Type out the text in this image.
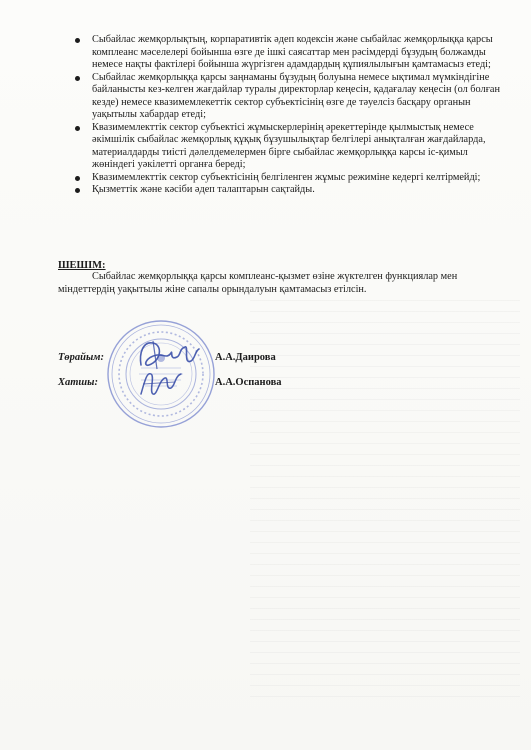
Сыбайлас жемқорлықтың, корпаративтік әдеп кодексін және сыбайлас жемқорлыққа қарсы комплеанс мәселелері бойынша өзге де ішкі саясаттар мен рәсімдерді бұзудың болжамды немесе нақты фактілері бойынша жүргізген адамдардың құпиялылығын қамтамасыз етеді;
Сыбайлас жемқорлыққа қарсы заңнаманы бұзудың болуына немесе ықтимал мүмкіндігіне байланысты кез-келген жағдайлар туралы директорлар кеңесін, қадағалау кеңесін (ол болған кезде) немесе квазимемлекеттік сектор субъектісінің өзге де тәуелсіз басқару органын уақытылы хабардар етеді;
Квазимемлекттік сектор субъектісі жұмыскерлерінің әрекеттерінде қылмыстық немесе әкімшілік сыбайлас жемқорлық құқық бұзушылықтар белгілері анықталған жағдайларда, материалдарды тиісті дәлелдемелермен бірге сыбайлас жемқорлыққа карсы іс-қимыл жөніндегі уәкілетті органға береді;
Квазимемлекттік сектор субъектісінің белгіленген жұмыс режиміне кедергі келтірмейді;
Қызметтік және кәсіби әдеп талаптарын сақтайды.
ШЕШІМ:
Сыбайлас жемқорлыққа қарсы комплеанс-қызмет өзіне жүктелген функциялар мен міндеттердің уақытылы жіне сапалы орындалуын қамтамасыз етілсін.
Төрайым:	А.А.Даирова
Хатшы:	А.А.Оспанова
